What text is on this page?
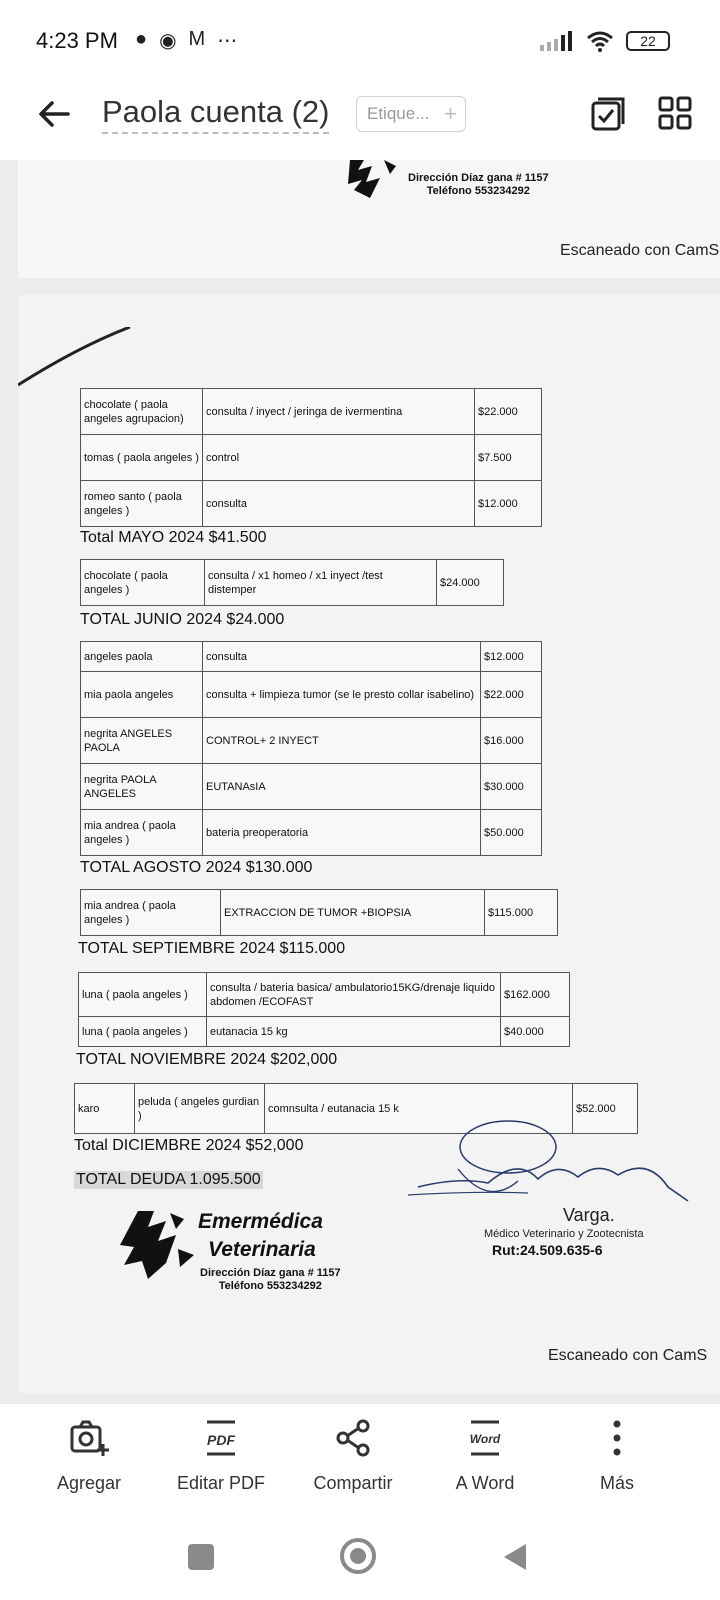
4:23 PM ● ◉ M ⋯	22
Paola cuenta (2)	Etique... +
Dirección Díaz gana # 1157
Teléfono 553234292
Escaneado con CamS
chocolate ( paola angeles agrupacion)	consulta / inyect / jeringa de ivermentina	$22.000
tomas ( paola angeles )	control	$7.500
romeo santo ( paola angeles )	consulta	$12.000
Total MAYO 2024 $41.500
chocolate ( paola angeles )	consulta / x1 homeo / x1 inyect /test distemper	$24.000
TOTAL JUNIO 2024 $24.000
angeles paola	consulta	$12.000
mia paola angeles	consulta + limpieza tumor (se le presto collar isabelino)	$22.000
negrita ANGELES PAOLA	CONTROL+ 2 INYECT	$16.000
negrita PAOLA ANGELES	EUTANAsIA	$30.000
mia andrea ( paola angeles )	bateria preoperatoria	$50.000
TOTAL AGOSTO 2024 $130.000
mia andrea ( paola angeles )	EXTRACCION DE TUMOR +BIOPSIA	$115.000
TOTAL SEPTIEMBRE 2024 $115.000
luna ( paola angeles )	consulta / bateria basica/ ambulatorio15KG/drenaje liquido abdomen /ECOFAST	$162.000
luna ( paola angeles )	eutanacia 15 kg	$40.000
TOTAL NOVIEMBRE 2024 $202,000
karo	peluda ( angeles gurdian )	comnsulta / eutanacia 15 k	$52.000
Total DICIEMBRE 2024 $52,000
TOTAL DEUDA 1.095.500
Varga.
Médico Veterinario y Zootecnista
Rut:24.509.635-6
Emermédica
Veterinaria
Dirección Díaz gana # 1157
Teléfono 553234292
Escaneado con CamS
Agregar
PDF
Editar PDF	Compartir
Word
A Word	Más
